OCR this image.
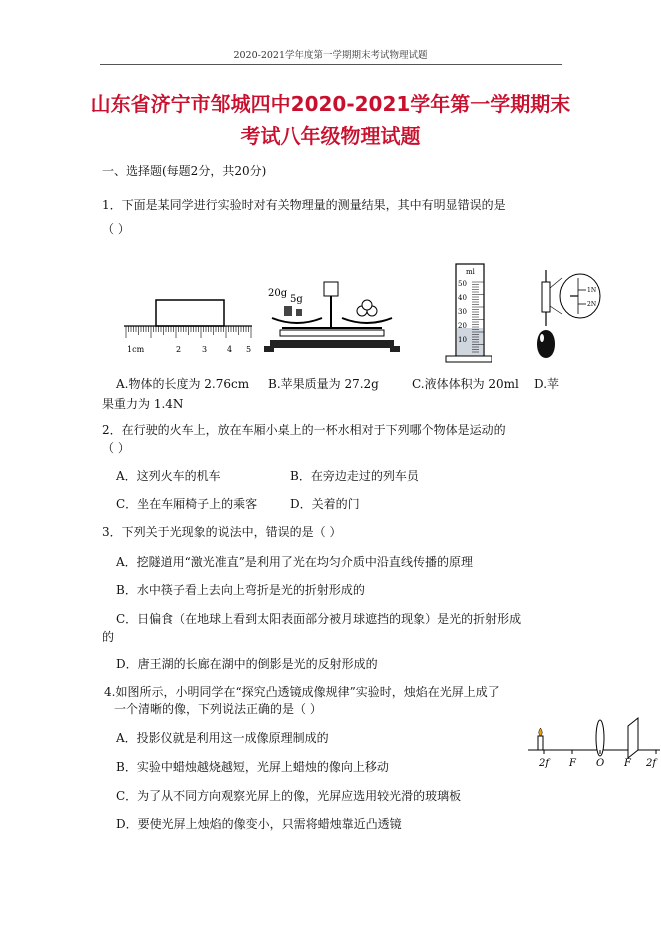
2020-2021学年度第一学期期末考试物理试题
山东省济宁市邹城四中2020-2021学年第一学期期末
考试八年级物理试题
一、选择题(每题2分，共20分)
1．下面是某同学进行实验时对有关物理量的测量结果，其中有明显错误的是
（ ）
1cm	2	3 4 5
20g
5g
ml
50
40
30
20
10
1N
2N
A.物体的长度为 2.76cm B.苹果质量为 27.2g	C.液体体积为 20ml D.苹
果重力为 1.4N
2．在行驶的火车上，放在车厢小桌上的一杯水相对于下列哪个物体是运动的
（ ）
A．这列火车的机车	B．在旁边走过的列车员
C．坐在车厢椅子上的乘客	D．关着的门
3．下列关于光现象的说法中，错误的是（ ）
A．挖隧道用“激光准直”是利用了光在均匀介质中沿直线传播的原理
B．水中筷子看上去向上弯折是光的折射形成的
C．日偏食（在地球上看到太阳表面部分被月球遮挡的现象）是光的折射形成
的
D．唐王湖的长廊在湖中的倒影是光的反射形成的
4.如图所示，小明同学在“探究凸透镜成像规律”实验时，烛焰在光屏上成了
一个清晰的像，下列说法正确的是（ ）
A．投影仪就是利用这一成像原理制成的
B．实验中蜡烛越烧越短，光屏上蜡烛的像向上移动
C．为了从不同方向观察光屏上的像，光屏应选用较光滑的玻璃板
D．要使光屏上烛焰的像变小，只需将蜡烛靠近凸透镜
2f F O F 2f
